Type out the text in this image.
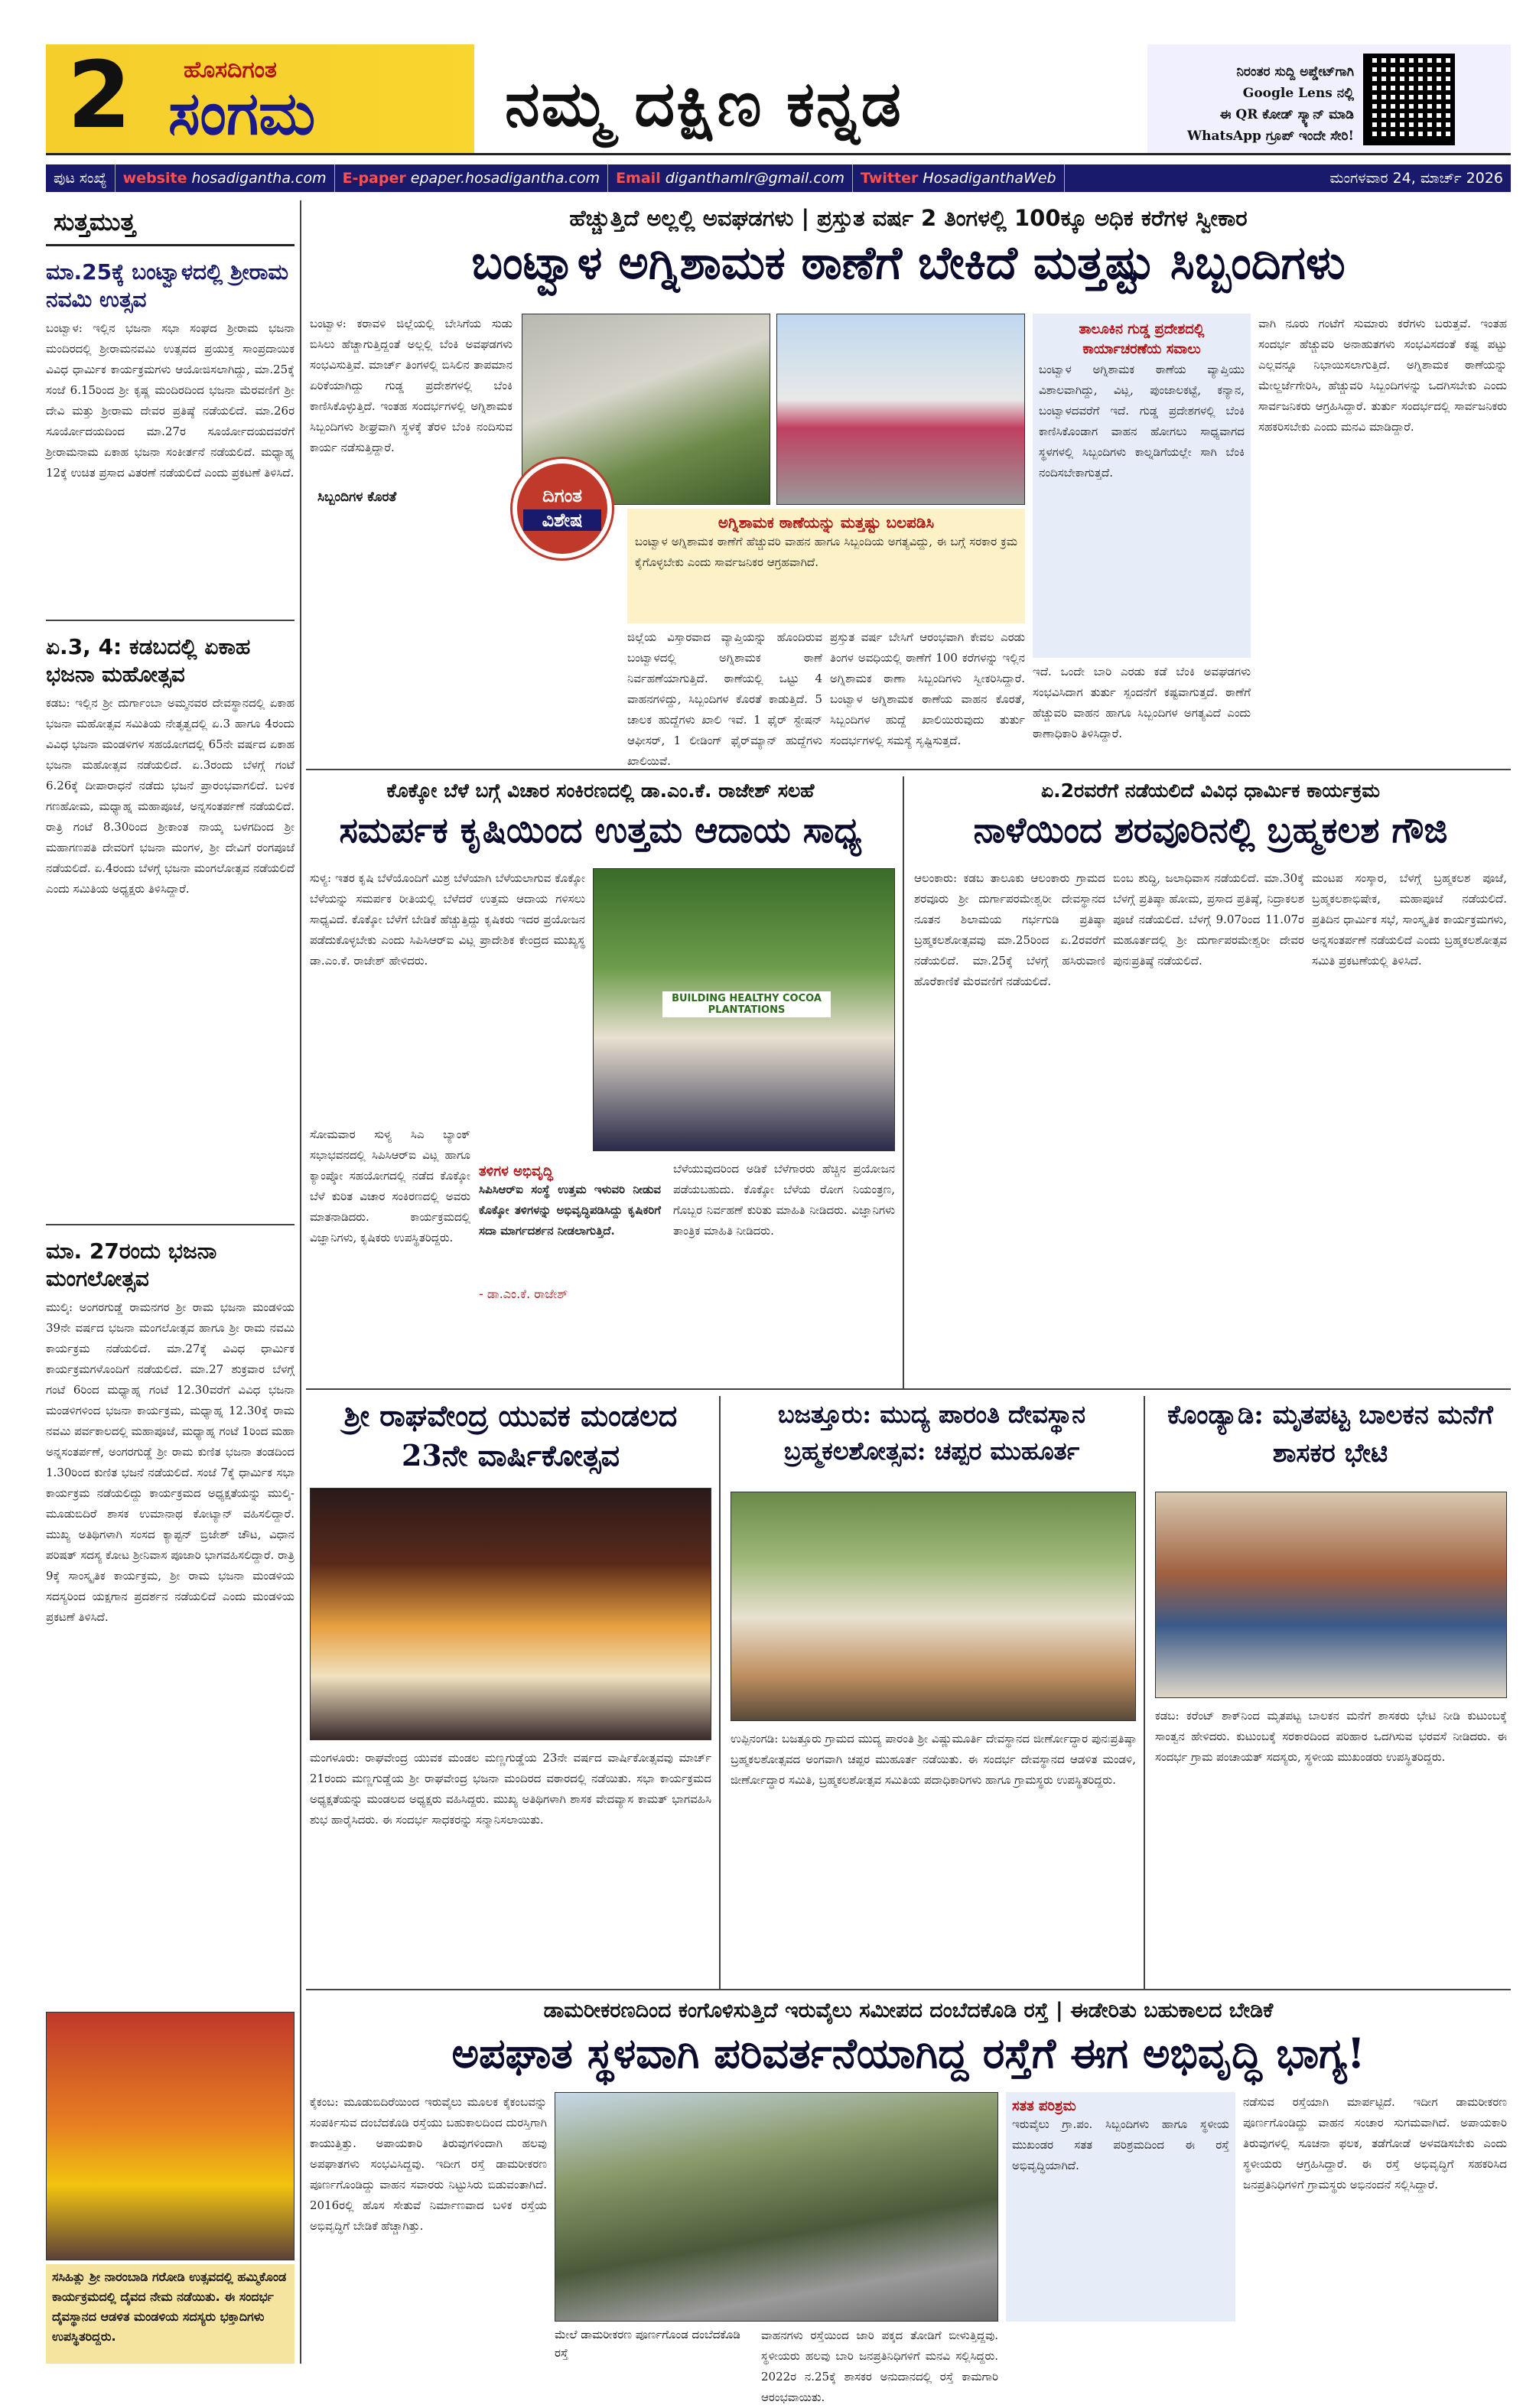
2 ಹೊಸದಿಗಂತ
ಸಂಗಮ	ನಮ್ಮ ದಕ್ಷಿಣ ಕನ್ನಡ	ನಿರಂತರ ಸುದ್ದಿ ಅಪ್ಡೇಟ್‌ಗಾಗಿ
Google Lens ನಲ್ಲಿ
ಈ QR ಕೋಡ್ ಸ್ಕ್ಯಾನ್ ಮಾಡಿ
WhatsApp ಗ್ರೂಪ್ ಇಂದೇ ಸೇರಿ!
ಪುಟ ಸಂಖ್ಯೆ	website hosadigantha.com	E-paper epaper.hosadigantha.com	Email diganthamlr@gmail.com	Twitter HosadiganthaWeb	ಮಂಗಳವಾರ 24, ಮಾರ್ಚ್ 2026
ಸುತ್ತಮುತ್ತ
ಮಾ.25ಕ್ಕೆ ಬಂಟ್ವಾಳದಲ್ಲಿ ಶ್ರೀರಾಮ ನವಮಿ ಉತ್ಸವ
ಬಂಟ್ವಾಳ: ಇಲ್ಲಿನ ಭಜನಾ ಸಭಾ ಸಂಘದ ಶ್ರೀರಾಮ ಭಜನಾ ಮಂದಿರದಲ್ಲಿ ಶ್ರೀರಾಮನವಮಿ ಉತ್ಸವದ ಪ್ರಯುಕ್ತ ಸಾಂಪ್ರದಾಯಿಕ ವಿವಿಧ ಧಾರ್ಮಿಕ ಕಾರ್ಯಕ್ರಮಗಳು ಆಯೋಜಿಸಲಾಗಿದ್ದು, ಮಾ.25ಕ್ಕೆ ಸಂಜೆ 6.15ರಿಂದ ಶ್ರೀ ಕೃಷ್ಣ ಮಂದಿರದಿಂದ ಭಜನಾ ಮೆರವಣಿಗೆ ಶ್ರೀ ದೇವಿ ಮತ್ತು ಶ್ರೀರಾಮ ದೇವರ ಪ್ರತಿಷ್ಠೆ ನಡೆಯಲಿದೆ. ಮಾ.26ರ ಸೂರ್ಯೋದಯದಿಂದ ಮಾ.27ರ ಸೂರ್ಯೋದಯದವರೆಗೆ ಶ್ರೀರಾಮನಾಮ ಏಕಾಹ ಭಜನಾ ಸಂಕೀರ್ತನೆ ನಡೆಯಲಿದೆ. ಮಧ್ಯಾಹ್ನ 12ಕ್ಕೆ ಉಚಿತ ಪ್ರಸಾದ ವಿತರಣೆ ನಡೆಯಲಿದೆ ಎಂದು ಪ್ರಕಟಣೆ ತಿಳಿಸಿದೆ.
ಏ.3, 4: ಕಡಬದಲ್ಲಿ ಏಕಾಹ ಭಜನಾ ಮಹೋತ್ಸವ
ಕಡಬ: ಇಲ್ಲಿನ ಶ್ರೀ ದುರ್ಗಾಂಬಾ ಅಮ್ಮನವರ ದೇವಸ್ಥಾನದಲ್ಲಿ ಏಕಾಹ ಭಜನಾ ಮಹೋತ್ಸವ ಸಮಿತಿಯ ನೇತೃತ್ವದಲ್ಲಿ ಏ.3 ಹಾಗೂ 4ರಂದು ವಿವಿಧ ಭಜನಾ ಮಂಡಳಿಗಳ ಸಹಯೋಗದಲ್ಲಿ 65ನೇ ವರ್ಷದ ಏಕಾಹ ಭಜನಾ ಮಹೋತ್ಸವ ನಡೆಯಲಿದೆ. ಏ.3ರಂದು ಬೆಳಗ್ಗೆ ಗಂಟೆ 6.26ಕ್ಕೆ ದೀಪಾರಾಧನೆ ನಡೆದು ಭಜನೆ ಪ್ರಾರಂಭವಾಗಲಿದೆ. ಬಳಿಕ ಗಣಹೋಮ, ಮಧ್ಯಾಹ್ನ ಮಹಾಪೂಜೆ, ಅನ್ನಸಂತರ್ಪಣೆ ನಡೆಯಲಿದೆ. ರಾತ್ರಿ ಗಂಟೆ 8.30ರಿಂದ ಶ್ರೀಕಾಂತ ನಾಯ್ಕ ಬಳಗದಿಂದ ಶ್ರೀ ಮಹಾಗಣಪತಿ ದೇವರಿಗೆ ಭಜನಾ ಮಂಗಳ, ಶ್ರೀ ದೇವಿಗೆ ರಂಗಪೂಜೆ ನಡೆಯಲಿದೆ. ಏ.4ರಂದು ಬೆಳಗ್ಗೆ ಭಜನಾ ಮಂಗಲೋತ್ಸವ ನಡೆಯಲಿದೆ ಎಂದು ಸಮಿತಿಯ ಅಧ್ಯಕ್ಷರು ತಿಳಿಸಿದ್ದಾರೆ.
ಮಾ. 27ರಂದು ಭಜನಾ ಮಂಗಲೋತ್ಸವ
ಮುಲ್ಕಿ: ಅಂಗರಗುಡ್ಡೆ ರಾಮನಗರ ಶ್ರೀ ರಾಮ ಭಜನಾ ಮಂಡಳಿಯ 39ನೇ ವರ್ಷದ ಭಜನಾ ಮಂಗಲೋತ್ಸವ ಹಾಗೂ ಶ್ರೀ ರಾಮ ನವಮಿ ಕಾರ್ಯಕ್ರಮ ನಡೆಯಲಿದೆ. ಮಾ.27ಕ್ಕೆ ವಿವಿಧ ಧಾರ್ಮಿಕ ಕಾರ್ಯಕ್ರಮಗಳೊಂದಿಗೆ ನಡೆಯಲಿದೆ. ಮಾ.27 ಶುಕ್ರವಾರ ಬೆಳಗ್ಗೆ ಗಂಟೆ 6ರಿಂದ ಮಧ್ಯಾಹ್ನ ಗಂಟೆ 12.30ವರೆಗೆ ವಿವಿಧ ಭಜನಾ ಮಂಡಳಿಗಳಿಂದ ಭಜನಾ ಕಾರ್ಯಕ್ರಮ, ಮಧ್ಯಾಹ್ನ 12.30ಕ್ಕೆ ರಾಮ ನವಮಿ ಪರ್ವಕಾಲದಲ್ಲಿ ಮಹಾಪೂಜೆ, ಮಧ್ಯಾಹ್ನ ಗಂಟೆ 1ರಿಂದ ಮಹಾ ಅನ್ನಸಂತರ್ಪಣೆ, ಅಂಗರಗುಡ್ಡೆ ಶ್ರೀ ರಾಮ ಕುಣಿತ ಭಜನಾ ತಂಡದಿಂದ 1.30ರಿಂದ ಕುಣಿತ ಭಜನೆ ನಡೆಯಲಿದೆ. ಸಂಜೆ 7ಕ್ಕೆ ಧಾರ್ಮಿಕ ಸಭಾ ಕಾರ್ಯಕ್ರಮ ನಡೆಯಲಿದ್ದು ಕಾರ್ಯಕ್ರಮದ ಅಧ್ಯಕ್ಷತೆಯನ್ನು ಮುಲ್ಕಿ-ಮೂಡುಬಿದಿರೆ ಶಾಸಕ ಉಮಾನಾಥ ಕೋಟ್ಯಾನ್ ವಹಿಸಲಿದ್ದಾರೆ. ಮುಖ್ಯ ಅತಿಥಿಗಳಾಗಿ ಸಂಸದ ಕ್ಯಾಪ್ಟನ್ ಬ್ರಿಜೇಶ್ ಚೌಟ, ವಿಧಾನ ಪರಿಷತ್ ಸದಸ್ಯ ಕೋಟ ಶ್ರೀನಿವಾಸ ಪೂಜಾರಿ ಭಾಗವಹಿಸಲಿದ್ದಾರೆ. ರಾತ್ರಿ 9ಕ್ಕೆ ಸಾಂಸ್ಕೃತಿಕ ಕಾರ್ಯಕ್ರಮ, ಶ್ರೀ ರಾಮ ಭಜನಾ ಮಂಡಳಿಯ ಸದಸ್ಯರಿಂದ ಯಕ್ಷಗಾನ ಪ್ರದರ್ಶನ ನಡೆಯಲಿದೆ ಎಂದು ಮಂಡಳಿಯ ಪ್ರಕಟಣೆ ತಿಳಿಸಿದೆ.
ಸಸಿಹಿತ್ಲು ಶ್ರೀ ನಾರಂಬಾಡಿ ಗರೋಡಿ ಉತ್ಸವದಲ್ಲಿ ಹಮ್ಮಿಕೊಂಡ ಕಾರ್ಯಕ್ರಮದಲ್ಲಿ ದೈವದ ನೇಮ ನಡೆಯಿತು. ಈ ಸಂದರ್ಭ ದೈವಸ್ಥಾನದ ಆಡಳಿತ ಮಂಡಳಿಯ ಸದಸ್ಯರು ಭಕ್ತಾದಿಗಳು ಉಪಸ್ಥಿತರಿದ್ದರು.
ಹೆಚ್ಚುತ್ತಿದೆ ಅಲ್ಲಲ್ಲಿ ಅವಘಡಗಳು | ಪ್ರಸ್ತುತ ವರ್ಷ 2 ತಿಂಗಳಲ್ಲಿ 100ಕ್ಕೂ ಅಧಿಕ ಕರೆಗಳ ಸ್ವೀಕಾರ
ಬಂಟ್ವಾಳ ಅಗ್ನಿಶಾಮಕ ಠಾಣೆಗೆ ಬೇಕಿದೆ ಮತ್ತಷ್ಟು ಸಿಬ್ಬಂದಿಗಳು
ಬಂಟ್ವಾಳ: ಕರಾವಳಿ ಜಿಲ್ಲೆಯಲ್ಲಿ ಬೇಸಿಗೆಯ ಸುಡು ಬಿಸಿಲು ಹೆಚ್ಚಾಗುತ್ತಿದ್ದಂತೆ ಅಲ್ಲಲ್ಲಿ ಬೆಂಕಿ ಅವಘಡಗಳು ಸಂಭವಿಸುತ್ತಿವೆ. ಮಾರ್ಚ್ ತಿಂಗಳಲ್ಲಿ ಬಿಸಿಲಿನ ತಾಪಮಾನ ಏರಿಕೆಯಾಗಿದ್ದು ಗುಡ್ಡ ಪ್ರದೇಶಗಳಲ್ಲಿ ಬೆಂಕಿ ಕಾಣಿಸಿಕೊಳ್ಳುತ್ತಿದೆ. ಇಂತಹ ಸಂದರ್ಭಗಳಲ್ಲಿ ಅಗ್ನಿಶಾಮಕ ಸಿಬ್ಬಂದಿಗಳು ಶೀಘ್ರವಾಗಿ ಸ್ಥಳಕ್ಕೆ ತೆರಳಿ ಬೆಂಕಿ ನಂದಿಸುವ ಕಾರ್ಯ ನಡೆಸುತ್ತಿದ್ದಾರೆ.
ದಿಗಂತ
ವಿಶೇಷ	ಅಗ್ನಿಶಾಮಕ ಠಾಣೆಯನ್ನು ಮತ್ತಷ್ಟು ಬಲಪಡಿಸಿ
ಬಂಟ್ವಾಳ ಅಗ್ನಿಶಾಮಕ ಠಾಣೆಗೆ ಹೆಚ್ಚುವರಿ ವಾಹನ ಹಾಗೂ ಸಿಬ್ಬಂದಿಯ ಅಗತ್ಯವಿದ್ದು, ಈ ಬಗ್ಗೆ ಸರಕಾರ ಕ್ರಮ ಕೈಗೊಳ್ಳಬೇಕು ಎಂದು ಸಾರ್ವಜನಿಕರ ಆಗ್ರಹವಾಗಿದೆ.
ಸಿಬ್ಬಂದಿಗಳ ಕೊರತೆ
ಜಿಲ್ಲೆಯ ವಿಸ್ತಾರವಾದ ವ್ಯಾಪ್ತಿಯನ್ನು ಹೊಂದಿರುವ ಬಂಟ್ವಾಳದಲ್ಲಿ ಅಗ್ನಿಶಾಮಕ ಠಾಣೆ ನಿರ್ವಹಣೆಯಾಗುತ್ತಿದೆ. ಠಾಣೆಯಲ್ಲಿ ಒಟ್ಟು 4 ವಾಹನಗಳಿದ್ದು, ಸಿಬ್ಬಂದಿಗಳ ಕೊರತೆ ಕಾಡುತ್ತಿದೆ. 5 ಚಾಲಕ ಹುದ್ದೆಗಳು ಖಾಲಿ ಇವೆ. 1 ಫೈರ್ ಸ್ಟೇಷನ್ ಆಫೀಸರ್, 1 ಲೀಡಿಂಗ್ ಫೈರ್‌ಮ್ಯಾನ್ ಹುದ್ದೆಗಳು ಖಾಲಿಯಿವೆ.
ಪ್ರಸ್ತುತ ವರ್ಷ ಬೇಸಿಗೆ ಆರಂಭವಾಗಿ ಕೇವಲ ಎರಡು ತಿಂಗಳ ಅವಧಿಯಲ್ಲಿ ಠಾಣೆಗೆ 100 ಕರೆಗಳನ್ನು ಇಲ್ಲಿನ ಅಗ್ನಿಶಾಮಕ ಠಾಣಾ ಸಿಬ್ಬಂದಿಗಳು ಸ್ವೀಕರಿಸಿದ್ದಾರೆ. ಬಂಟ್ವಾಳ ಅಗ್ನಿಶಾಮಕ ಠಾಣೆಯ ವಾಹನ ಕೊರತೆ, ಸಿಬ್ಬಂದಿಗಳ ಹುದ್ದೆ ಖಾಲಿಯಿರುವುದು ತುರ್ತು ಸಂದರ್ಭಗಳಲ್ಲಿ ಸಮಸ್ಯೆ ಸೃಷ್ಟಿಸುತ್ತದೆ.
ತಾಲೂಕಿನ ಗುಡ್ಡ ಪ್ರದೇಶದಲ್ಲಿ ಕಾರ್ಯಾಚರಣೆಯ ಸವಾಲು
ಬಂಟ್ವಾಳ ಅಗ್ನಿಶಾಮಕ ಠಾಣೆಯ ವ್ಯಾಪ್ತಿಯು ವಿಶಾಲವಾಗಿದ್ದು, ವಿಟ್ಲ, ಪುಂಜಾಲಕಟ್ಟೆ, ಕನ್ಯಾನ, ಬಂಟ್ವಾಳದವರೆಗೆ ಇದೆ. ಗುಡ್ಡ ಪ್ರದೇಶಗಳಲ್ಲಿ ಬೆಂಕಿ ಕಾಣಿಸಿಕೊಂಡಾಗ ವಾಹನ ಹೋಗಲು ಸಾಧ್ಯವಾಗದ ಸ್ಥಳಗಳಲ್ಲಿ ಸಿಬ್ಬಂದಿಗಳು ಕಾಲ್ನಡಿಗೆಯಲ್ಲೇ ಸಾಗಿ ಬೆಂಕಿ ನಂದಿಸಬೇಕಾಗುತ್ತದೆ.
ಇದೆ. ಒಂದೇ ಬಾರಿ ಎರಡು ಕಡೆ ಬೆಂಕಿ ಅವಘಡಗಳು ಸಂಭವಿಸಿದಾಗ ತುರ್ತು ಸ್ಪಂದನೆಗೆ ಕಷ್ಟವಾಗುತ್ತದೆ. ಠಾಣೆಗೆ ಹೆಚ್ಚುವರಿ ವಾಹನ ಹಾಗೂ ಸಿಬ್ಬಂದಿಗಳ ಅಗತ್ಯವಿದೆ ಎಂದು ಠಾಣಾಧಿಕಾರಿ ತಿಳಿಸಿದ್ದಾರೆ.
ವಾಗಿ ನೂರು ಗಂಟೆಗೆ ಸುಮಾರು ಕರೆಗಳು ಬರುತ್ತವೆ. ಇಂತಹ ಸಂದರ್ಭ ಹೆಚ್ಚುವರಿ ಅನಾಹುತಗಳು ಸಂಭವಿಸದಂತೆ ಕಷ್ಟ ಪಟ್ಟು ಎಲ್ಲವನ್ನೂ ನಿಭಾಯಿಸಲಾಗುತ್ತಿದೆ. ಅಗ್ನಿಶಾಮಕ ಠಾಣೆಯನ್ನು ಮೇಲ್ದರ್ಜೆಗೇರಿಸಿ, ಹೆಚ್ಚುವರಿ ಸಿಬ್ಬಂದಿಗಳನ್ನು ಒದಗಿಸಬೇಕು ಎಂದು ಸಾರ್ವಜನಿಕರು ಆಗ್ರಹಿಸಿದ್ದಾರೆ. ತುರ್ತು ಸಂದರ್ಭದಲ್ಲಿ ಸಾರ್ವಜನಿಕರು ಸಹಕರಿಸಬೇಕು ಎಂದು ಮನವಿ ಮಾಡಿದ್ದಾರೆ.
ಕೊಕ್ಕೋ ಬೆಳೆ ಬಗ್ಗೆ ವಿಚಾರ ಸಂಕಿರಣದಲ್ಲಿ ಡಾ.ಎಂ.ಕೆ. ರಾಜೇಶ್ ಸಲಹೆ
ಸಮರ್ಪಕ ಕೃಷಿಯಿಂದ ಉತ್ತಮ ಆದಾಯ ಸಾಧ್ಯ
ಸುಳ್ಯ: ಇತರ ಕೃಷಿ ಬೆಳೆಯೊಂದಿಗೆ ಮಿಶ್ರ ಬೆಳೆಯಾಗಿ ಬೆಳೆಯಲಾಗುವ ಕೊಕ್ಕೋ ಬೆಳೆಯನ್ನು ಸಮರ್ಪಕ ರೀತಿಯಲ್ಲಿ ಬೆಳೆದರೆ ಉತ್ತಮ ಆದಾಯ ಗಳಿಸಲು ಸಾಧ್ಯವಿದೆ. ಕೊಕ್ಕೋ ಬೆಳೆಗೆ ಬೇಡಿಕೆ ಹೆಚ್ಚುತ್ತಿದ್ದು ಕೃಷಿಕರು ಇದರ ಪ್ರಯೋಜನ ಪಡೆದುಕೊಳ್ಳಬೇಕು ಎಂದು ಸಿಪಿಸಿಆರ್‌ಐ ವಿಟ್ಲ ಪ್ರಾದೇಶಿಕ ಕೇಂದ್ರದ ಮುಖ್ಯಸ್ಥ ಡಾ.ಎಂ.ಕೆ. ರಾಜೇಶ್ ಹೇಳಿದರು.
BUILDING HEALTHY COCOA PLANTATIONS
ತಳಿಗಳ ಅಭಿವೃದ್ಧಿ
ಸಿಪಿಸಿಆರ್‌ಐ ಸಂಸ್ಥೆ ಉತ್ತಮ ಇಳುವರಿ ನೀಡುವ ಕೊಕ್ಕೋ ತಳಿಗಳನ್ನು ಅಭಿವೃದ್ಧಿಪಡಿಸಿದ್ದು ಕೃಷಿಕರಿಗೆ ಸದಾ ಮಾರ್ಗದರ್ಶನ ನೀಡಲಾಗುತ್ತಿದೆ.
- ಡಾ.ಎಂ.ಕೆ. ರಾಜೇಶ್
ಸೋಮವಾರ ಸುಳ್ಯ ಸಿಎ ಬ್ಯಾಂಕ್ ಸಭಾಭವನದಲ್ಲಿ ಸಿಪಿಸಿಆರ್‌ಐ ವಿಟ್ಲ ಹಾಗೂ ಕ್ಯಾಂಪ್ಕೋ ಸಹಯೋಗದಲ್ಲಿ ನಡೆದ ಕೊಕ್ಕೋ ಬೆಳೆ ಕುರಿತ ವಿಚಾರ ಸಂಕಿರಣದಲ್ಲಿ ಅವರು ಮಾತನಾಡಿದರು. ಕಾರ್ಯಕ್ರಮದಲ್ಲಿ ವಿಜ್ಞಾನಿಗಳು, ಕೃಷಿಕರು ಉಪಸ್ಥಿತರಿದ್ದರು.
ಬೆಳೆಯುವುದರಿಂದ ಅಡಿಕೆ ಬೆಳೆಗಾರರು ಹೆಚ್ಚಿನ ಪ್ರಯೋಜನ ಪಡೆಯಬಹುದು. ಕೊಕ್ಕೋ ಬೆಳೆಯ ರೋಗ ನಿಯಂತ್ರಣ, ಗೊಬ್ಬರ ನಿರ್ವಹಣೆ ಕುರಿತು ಮಾಹಿತಿ ನೀಡಿದರು. ವಿಜ್ಞಾನಿಗಳು ತಾಂತ್ರಿಕ ಮಾಹಿತಿ ನೀಡಿದರು.
ಏ.2ರವರೆಗೆ ನಡೆಯಲಿದೆ ವಿವಿಧ ಧಾರ್ಮಿಕ ಕಾರ್ಯಕ್ರಮ
ನಾಳೆಯಿಂದ ಶರವೂರಿನಲ್ಲಿ ಬ್ರಹ್ಮಕಲಶ ಗೌಜಿ
ಆಲಂಕಾರು: ಕಡಬ ತಾಲೂಕು ಆಲಂಕಾರು ಗ್ರಾಮದ ಶರವೂರು ಶ್ರೀ ದುರ್ಗಾಪರಮೇಶ್ವರೀ ದೇವಸ್ಥಾನದ ನೂತನ ಶಿಲಾಮಯ ಗರ್ಭಗುಡಿ ಪ್ರತಿಷ್ಠಾ ಬ್ರಹ್ಮಕಲಶೋತ್ಸವವು ಮಾ.25ರಿಂದ ಏ.2ರವರೆಗೆ ನಡೆಯಲಿದೆ. ಮಾ.25ಕ್ಕೆ ಬೆಳಗ್ಗೆ ಹಸಿರುವಾಣಿ ಹೊರೆಕಾಣಿಕೆ ಮೆರವಣಿಗೆ ನಡೆಯಲಿದೆ.
ಬಿಂಬ ಶುದ್ಧಿ, ಜಲಾಧಿವಾಸ ನಡೆಯಲಿದೆ. ಮಾ.30ಕ್ಕೆ ಬೆಳಗ್ಗೆ ಪ್ರತಿಷ್ಠಾ ಹೋಮ, ಪ್ರಸಾದ ಪ್ರತಿಷ್ಠೆ, ನಿದ್ರಾಕಲಶ ಪೂಜೆ ನಡೆಯಲಿದೆ. ಬೆಳಗ್ಗೆ 9.07ರಿಂದ 11.07ರ ಮಹೂರ್ತದಲ್ಲಿ ಶ್ರೀ ದುರ್ಗಾಪರಮೇಶ್ವರೀ ದೇವರ ಪುನಃಪ್ರತಿಷ್ಠೆ ನಡೆಯಲಿದೆ.
ಮಂಟಪ ಸಂಸ್ಕಾರ, ಬೆಳಗ್ಗೆ ಬ್ರಹ್ಮಕಲಶ ಪೂಜೆ, ಬ್ರಹ್ಮಕಲಶಾಭಿಷೇಕ, ಮಹಾಪೂಜೆ ನಡೆಯಲಿದೆ. ಪ್ರತಿದಿನ ಧಾರ್ಮಿಕ ಸಭೆ, ಸಾಂಸ್ಕೃತಿಕ ಕಾರ್ಯಕ್ರಮಗಳು, ಅನ್ನಸಂತರ್ಪಣೆ ನಡೆಯಲಿದೆ ಎಂದು ಬ್ರಹ್ಮಕಲಶೋತ್ಸವ ಸಮಿತಿ ಪ್ರಕಟಣೆಯಲ್ಲಿ ತಿಳಿಸಿದೆ.
ಶ್ರೀ ರಾಘವೇಂದ್ರ ಯುವಕ ಮಂಡಲದ 23ನೇ ವಾರ್ಷಿಕೋತ್ಸವ
ಮಂಗಳೂರು: ರಾಘವೇಂದ್ರ ಯುವಕ ಮಂಡಲ ಮಣ್ಣಗುಡ್ಡೆಯ 23ನೇ ವರ್ಷದ ವಾರ್ಷಿಕೋತ್ಸವವು ಮಾರ್ಚ್ 21ರಂದು ಮಣ್ಣಗುಡ್ಡೆಯ ಶ್ರೀ ರಾಘವೇಂದ್ರ ಭಜನಾ ಮಂದಿರದ ವಠಾರದಲ್ಲಿ ನಡೆಯಿತು. ಸಭಾ ಕಾರ್ಯಕ್ರಮದ ಅಧ್ಯಕ್ಷತೆಯನ್ನು ಮಂಡಲದ ಅಧ್ಯಕ್ಷರು ವಹಿಸಿದ್ದರು. ಮುಖ್ಯ ಅತಿಥಿಗಳಾಗಿ ಶಾಸಕ ವೇದವ್ಯಾಸ ಕಾಮತ್ ಭಾಗವಹಿಸಿ ಶುಭ ಹಾರೈಸಿದರು. ಈ ಸಂದರ್ಭ ಸಾಧಕರನ್ನು ಸನ್ಮಾನಿಸಲಾಯಿತು.
ಬಜತ್ತೂರು: ಮುದ್ಯ ಪಾರಂತಿ ದೇವಸ್ಥಾನ ಬ್ರಹ್ಮಕಲಶೋತ್ಸವ: ಚಪ್ಪರ ಮುಹೂರ್ತ
ಉಪ್ಪಿನಂಗಡಿ: ಬಜತ್ತೂರು ಗ್ರಾಮದ ಮುದ್ಯ ಪಾರಂತಿ ಶ್ರೀ ವಿಷ್ಣುಮೂರ್ತಿ ದೇವಸ್ಥಾನದ ಜೀರ್ಣೋದ್ಧಾರ ಪುನಃಪ್ರತಿಷ್ಠಾ ಬ್ರಹ್ಮಕಲಶೋತ್ಸವದ ಅಂಗವಾಗಿ ಚಪ್ಪರ ಮುಹೂರ್ತ ನಡೆಯಿತು. ಈ ಸಂದರ್ಭ ದೇವಸ್ಥಾನದ ಆಡಳಿತ ಮಂಡಳಿ, ಜೀರ್ಣೋದ್ಧಾರ ಸಮಿತಿ, ಬ್ರಹ್ಮಕಲಶೋತ್ಸವ ಸಮಿತಿಯ ಪದಾಧಿಕಾರಿಗಳು ಹಾಗೂ ಗ್ರಾಮಸ್ಥರು ಉಪಸ್ಥಿತರಿದ್ದರು.
ಕೊಂಡ್ಯಾಡಿ: ಮೃತಪಟ್ಟ ಬಾಲಕನ ಮನೆಗೆ ಶಾಸಕರ ಭೇಟಿ
ಕಡಬ: ಕರೆಂಟ್ ಶಾಕ್‌ನಿಂದ ಮೃತಪಟ್ಟ ಬಾಲಕನ ಮನೆಗೆ ಶಾಸಕರು ಭೇಟಿ ನೀಡಿ ಕುಟುಂಬಕ್ಕೆ ಸಾಂತ್ವನ ಹೇಳಿದರು. ಕುಟುಂಬಕ್ಕೆ ಸರಕಾರದಿಂದ ಪರಿಹಾರ ಒದಗಿಸುವ ಭರವಸೆ ನೀಡಿದರು. ಈ ಸಂದರ್ಭ ಗ್ರಾಮ ಪಂಚಾಯತ್ ಸದಸ್ಯರು, ಸ್ಥಳೀಯ ಮುಖಂಡರು ಉಪಸ್ಥಿತರಿದ್ದರು.
ಡಾಮರೀಕರಣದಿಂದ ಕಂಗೊಳಿಸುತ್ತಿದೆ ಇರುವೈಲು ಸಮೀಪದ ದಂಬೆದಕೊಡಿ ರಸ್ತೆ | ಈಡೇರಿತು ಬಹುಕಾಲದ ಬೇಡಿಕೆ
ಅಪಘಾತ ಸ್ಥಳವಾಗಿ ಪರಿವರ್ತನೆಯಾಗಿದ್ದ ರಸ್ತೆಗೆ ಈಗ ಅಭಿವೃದ್ಧಿ ಭಾಗ್ಯ!
ಕೈಕಂಬ: ಮೂಡುಬಿದಿರೆಯಿಂದ ಇರುವೈಲು ಮೂಲಕ ಕೈಕಂಬವನ್ನು ಸಂಪರ್ಕಿಸುವ ದಂಬೆದಕೊಡಿ ರಸ್ತೆಯು ಬಹುಕಾಲದಿಂದ ದುರಸ್ತಿಗಾಗಿ ಕಾಯುತ್ತಿತ್ತು. ಅಪಾಯಕಾರಿ ತಿರುವುಗಳಿಂದಾಗಿ ಹಲವು ಅಪಘಾತಗಳು ಸಂಭವಿಸಿದ್ದವು. ಇದೀಗ ರಸ್ತೆ ಡಾಮರೀಕರಣ ಪೂರ್ಣಗೊಂಡಿದ್ದು ವಾಹನ ಸವಾರರು ನಿಟ್ಟುಸಿರು ಬಿಡುವಂತಾಗಿದೆ. 2016ರಲ್ಲಿ ಹೊಸ ಸೇತುವೆ ನಿರ್ಮಾಣವಾದ ಬಳಿಕ ರಸ್ತೆಯ ಅಭಿವೃದ್ಧಿಗೆ ಬೇಡಿಕೆ ಹೆಚ್ಚಾಗಿತ್ತು.
ಮೇಲೆ ಡಾಮರೀಕರಣ ಪೂರ್ಣಗೊಂಡ ದಂಬೆದಕೊಡಿ ರಸ್ತೆ
ವಾಹನಗಳು ರಸ್ತೆಯಿಂದ ಜಾರಿ ಪಕ್ಕದ ತೋಡಿಗೆ ಬೀಳುತ್ತಿದ್ದವು. ಸ್ಥಳೀಯರು ಹಲವು ಬಾರಿ ಜನಪ್ರತಿನಿಧಿಗಳಿಗೆ ಮನವಿ ಸಲ್ಲಿಸಿದ್ದರು. 2022ರ ನ.25ಕ್ಕೆ ಶಾಸಕರ ಅನುದಾನದಲ್ಲಿ ರಸ್ತೆ ಕಾಮಗಾರಿ ಆರಂಭವಾಯಿತು.
ಸತತ ಪರಿಶ್ರಮ
ಇರುವೈಲು ಗ್ರಾ.ಪಂ. ಸಿಬ್ಬಂದಿಗಳು ಹಾಗೂ ಸ್ಥಳೀಯ ಮುಖಂಡರ ಸತತ ಪರಿಶ್ರಮದಿಂದ ಈ ರಸ್ತೆ ಅಭಿವೃದ್ಧಿಯಾಗಿದೆ.
ನಡೆಸುವ ರಸ್ತೆಯಾಗಿ ಮಾರ್ಪಟ್ಟಿದೆ. ಇದೀಗ ಡಾಮರೀಕರಣ ಪೂರ್ಣಗೊಂಡಿದ್ದು ವಾಹನ ಸಂಚಾರ ಸುಗಮವಾಗಿದೆ. ಅಪಾಯಕಾರಿ ತಿರುವುಗಳಲ್ಲಿ ಸೂಚನಾ ಫಲಕ, ತಡೆಗೋಡೆ ಅಳವಡಿಸಬೇಕು ಎಂದು ಸ್ಥಳೀಯರು ಆಗ್ರಹಿಸಿದ್ದಾರೆ. ಈ ರಸ್ತೆ ಅಭಿವೃದ್ಧಿಗೆ ಸಹಕರಿಸಿದ ಜನಪ್ರತಿನಿಧಿಗಳಿಗೆ ಗ್ರಾಮಸ್ಥರು ಅಭಿನಂದನೆ ಸಲ್ಲಿಸಿದ್ದಾರೆ.
